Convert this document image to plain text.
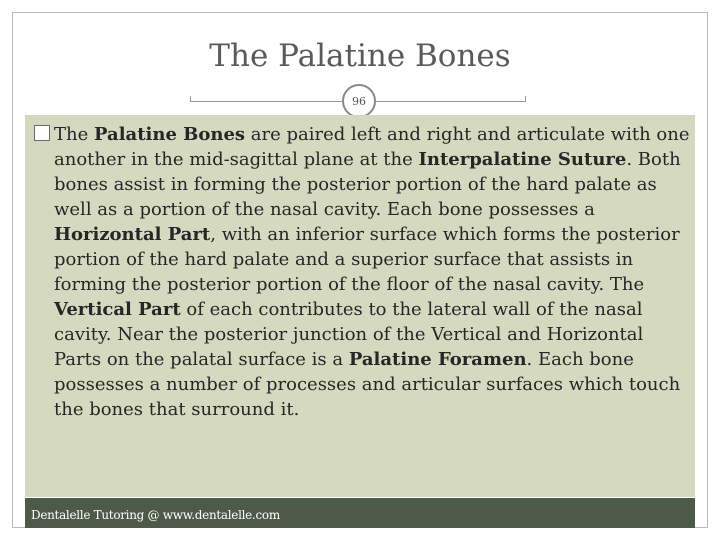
The Palatine Bones
96
The Palatine Bones are paired left and right and articulate with one another in the mid-sagittal plane at the Interpalatine Suture. Both bones assist in forming the posterior portion of the hard palate as well as a portion of the nasal cavity. Each bone possesses a Horizontal Part, with an inferior surface which forms the posterior portion of the hard palate and a superior surface that assists in forming the posterior portion of the floor of the nasal cavity. The Vertical Part of each contributes to the lateral wall of the nasal cavity. Near the posterior junction of the Vertical and Horizontal Parts on the palatal surface is a Palatine Foramen. Each bone possesses a number of processes and articular surfaces which touch the bones that surround it.
Dentalelle Tutoring @ www.dentalelle.com
